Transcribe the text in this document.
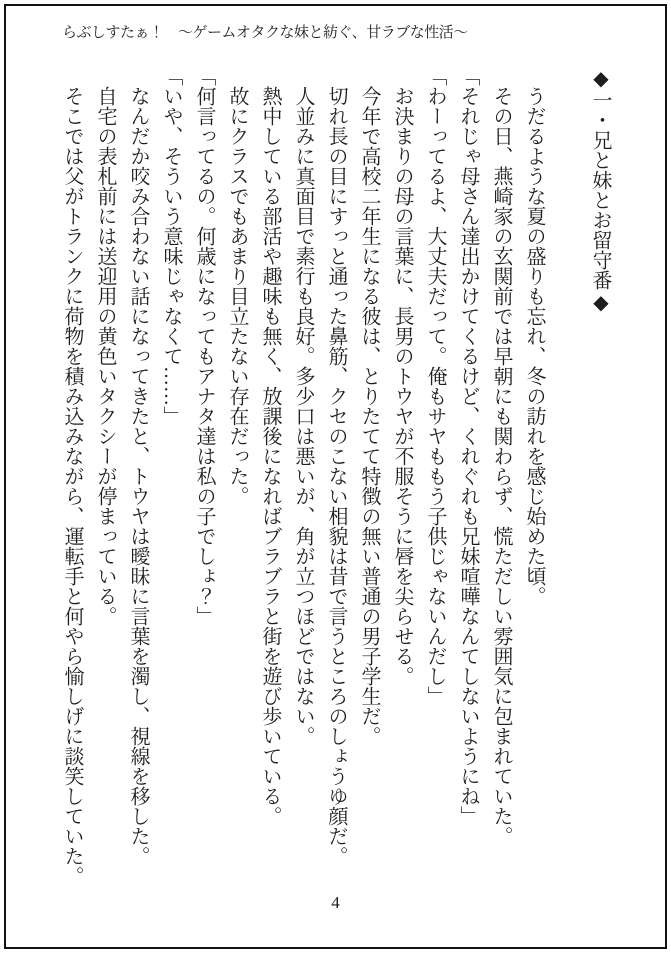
らぶしすたぁ！　～ゲームオタクな妹と紡ぐ、甘ラブな性活～

◆一・兄と妹とお留守番◆

　うだるような夏の盛りも忘れ、冬の訪れを感じ始めた頃。

　その日、燕崎家の玄関前では早朝にも関わらず、慌ただしい雰囲気に包まれていた。

「それじゃ母さん達出かけてくるけど、くれぐれも兄妹喧嘩なんてしないようにね」

「わーってるよ、大丈夫だって。俺もサヤももう子供じゃないんだし」

　お決まりの母の言葉に、長男のトウヤが不服そうに唇を尖らせる。

　今年で高校二年生になる彼は、とりたてて特徴の無い普通の男子学生だ。

　切れ長の目にすっと通った鼻筋、クセのこない相貌は昔で言うところのしょうゆ顔だ。

　人並みに真面目で素行も良好。多少口は悪いが、角が立つほどではない。

　熱中している部活や趣味も無く、放課後になればブラブラと街を遊び歩いている。

　故にクラスでもあまり目立たない存在だった。

「何言ってるの。何歳になってもアナタ達は私の子でしょ？」

「いや、そういう意味じゃなくて……」

　なんだか咬み合わない話になってきたと、トウヤは曖昧に言葉を濁し、視線を移した。

　自宅の表札前には送迎用の黄色いタクシーが停まっている。

　そこでは父がトランクに荷物を積み込みながら、運転手と何やら愉しげに談笑していた。

4
